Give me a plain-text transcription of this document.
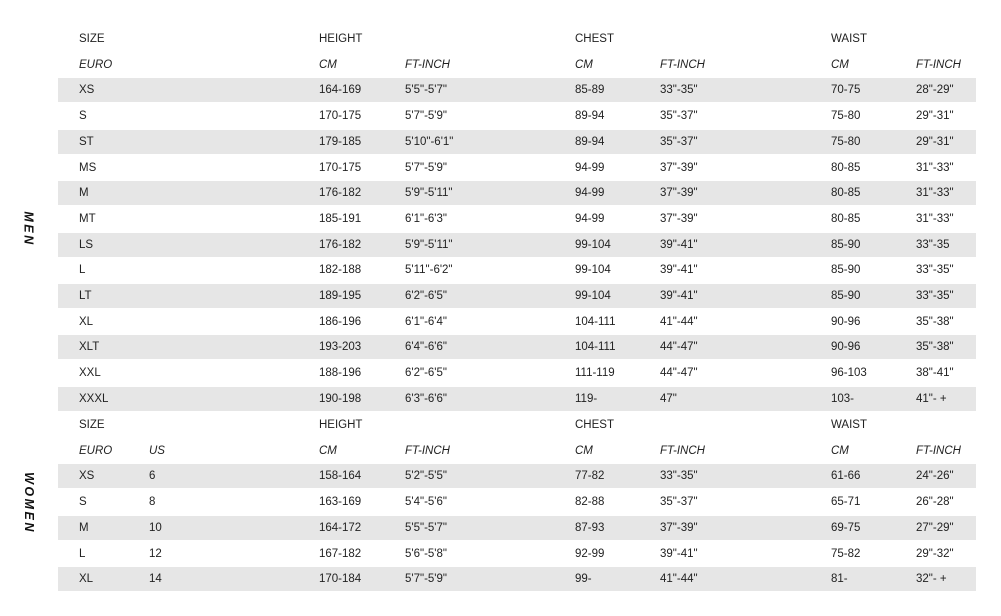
MEN
SIZE	HEIGHT	CHEST	WAIST
EURO	CM	FT-INCH	CM	FT-INCH	CM	FT-INCH
XS	164-169	5'5"-5'7"	85-89	33"-35"	70-75	28"-29"
S	170-175	5'7"-5'9"	89-94	35"-37"	75-80	29"-31"
ST	179-185	5'10"-6'1"	89-94	35"-37"	75-80	29"-31"
MS	170-175	5'7"-5'9"	94-99	37"-39"	80-85	31"-33"
M	176-182	5'9"-5'11"	94-99	37"-39"	80-85	31"-33"
MT	185-191	6'1"-6'3"	94-99	37"-39"	80-85	31"-33"
LS	176-182	5'9"-5'11"	99-104	39"-41"	85-90	33"-35
L	182-188	5'11"-6'2"	99-104	39"-41"	85-90	33"-35"
LT	189-195	6'2"-6'5"	99-104	39"-41"	85-90	33"-35"
XL	186-196	6'1"-6'4"	104-111	41"-44"	90-96	35"-38"
XLT	193-203	6'4"-6'6"	104-111	44"-47"	90-96	35"-38"
XXL	188-196	6'2"-6'5"	111-119	44"-47"	96-103	38"-41"
XXXL	190-198	6'3"-6'6"	119-	47"	103-	41"- +
WOMEN
SIZE	HEIGHT	CHEST	WAIST
EURO	US	CM	FT-INCH	CM	FT-INCH	CM	FT-INCH
XS	6	158-164	5'2"-5'5"	77-82	33"-35"	61-66	24"-26"
S	8	163-169	5'4"-5'6"	82-88	35"-37"	65-71	26"-28"
M	10	164-172	5'5"-5'7"	87-93	37"-39"	69-75	27"-29"
L	12	167-182	5'6"-5'8"	92-99	39"-41"	75-82	29"-32"
XL	14	170-184	5'7"-5'9"	99-	41"-44"	81-	32"- +
